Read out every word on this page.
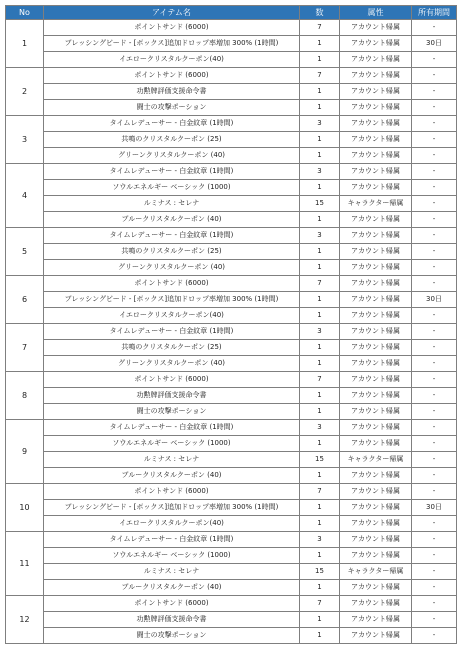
No	アイテム名	数	属性	所有期間
1	ポイントサンド (6000)	7	アカウント帰属	-
	ブレッシングビード - [ボックス]追加ドロップ率増加 300% (1時間)	1	アカウント帰属	30日
	イエロークリスタルクーポン(40)	1	アカウント帰属	-
2	ポイントサンド (6000)	7	アカウント帰属	-
	功勲牌評価支援命令書	1	アカウント帰属	-
	闘士の攻撃ポーション	1	アカウント帰属	-
3	タイムレデューサー - 白金紋章 (1時間)	3	アカウント帰属	-
	共鳴のクリスタルクーポン (25)	1	アカウント帰属	-
	グリーンクリスタルクーポン (40)	1	アカウント帰属	-
4	タイムレデューサー - 白金紋章 (1時間)	3	アカウント帰属	-
	ソウルエネルギー ベーシック (1000)	1	アカウント帰属	-
	ルミナス : セレナ	15	キャラクター帰属	-
	ブルークリスタルクーポン (40)	1	アカウント帰属	-
5	タイムレデューサー - 白金紋章 (1時間)	3	アカウント帰属	-
	共鳴のクリスタルクーポン (25)	1	アカウント帰属	-
	グリーンクリスタルクーポン (40)	1	アカウント帰属	-
6	ポイントサンド (6000)	7	アカウント帰属	-
	ブレッシングビード - [ボックス]追加ドロップ率増加 300% (1時間)	1	アカウント帰属	30日
	イエロークリスタルクーポン(40)	1	アカウント帰属	-
7	タイムレデューサー - 白金紋章 (1時間)	3	アカウント帰属	-
	共鳴のクリスタルクーポン (25)	1	アカウント帰属	-
	グリーンクリスタルクーポン (40)	1	アカウント帰属	-
8	ポイントサンド (6000)	7	アカウント帰属	-
	功勲牌評価支援命令書	1	アカウント帰属	-
	闘士の攻撃ポーション	1	アカウント帰属	-
9	タイムレデューサー - 白金紋章 (1時間)	3	アカウント帰属	-
	ソウルエネルギー ベーシック (1000)	1	アカウント帰属	-
	ルミナス : セレナ	15	キャラクター帰属	-
	ブルークリスタルクーポン (40)	1	アカウント帰属	-
10	ポイントサンド (6000)	7	アカウント帰属	-
	ブレッシングビード - [ボックス]追加ドロップ率増加 300% (1時間)	1	アカウント帰属	30日
	イエロークリスタルクーポン(40)	1	アカウント帰属	-
11	タイムレデューサー - 白金紋章 (1時間)	3	アカウント帰属	-
	ソウルエネルギー ベーシック (1000)	1	アカウント帰属	-
	ルミナス : セレナ	15	キャラクター帰属	-
	ブルークリスタルクーポン (40)	1	アカウント帰属	-
12	ポイントサンド (6000)	7	アカウント帰属	-
	功勲牌評価支援命令書	1	アカウント帰属	-
	闘士の攻撃ポーション	1	アカウント帰属	-
